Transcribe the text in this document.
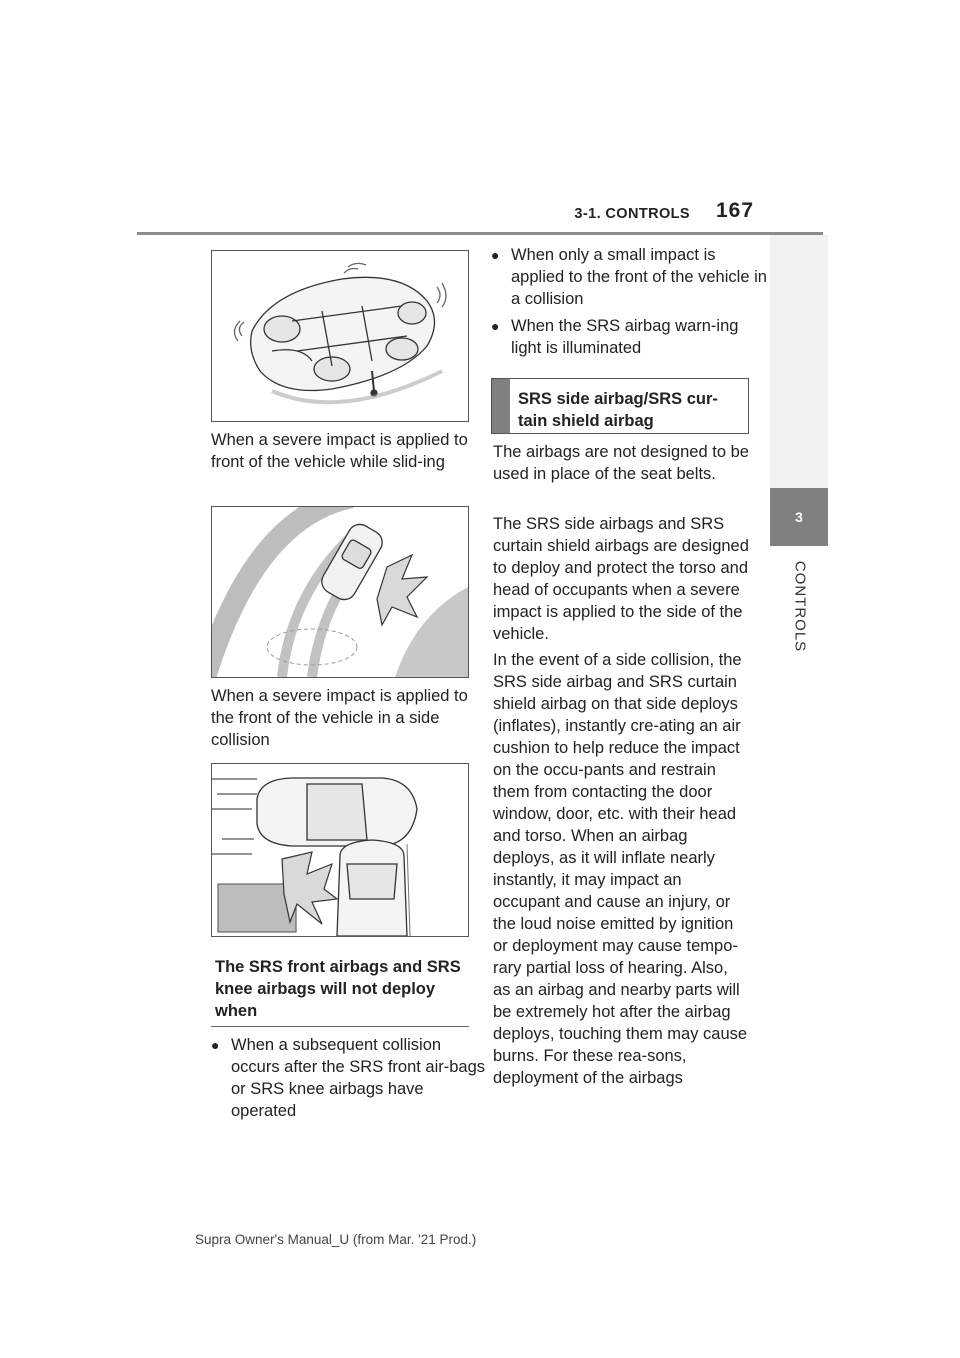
3-1. CONTROLS 167
3
CONTROLS
When a severe impact is applied to front of the vehicle while slid-ing
When a severe impact is applied to the front of the vehicle in a side collision
The SRS front airbags and SRS knee airbags will not deploy when
● When a subsequent collision occurs after the SRS front air-bags or SRS knee airbags have operated
● When only a small impact is applied to the front of the vehicle in a collision
● When the SRS airbag warn-ing light is illuminated
SRS side airbag/SRS cur-tain shield airbag
The airbags are not designed to be used in place of the seat belts.
The SRS side airbags and SRS curtain shield airbags are designed to deploy and protect the torso and head of occupants when a severe impact is applied to the side of the vehicle.
In the event of a side collision, the SRS side airbag and SRS curtain shield airbag on that side deploys (inflates), instantly cre-ating an air cushion to help reduce the impact on the occu-pants and restrain them from contacting the door window, door, etc. with their head and torso. When an airbag deploys, as it will inflate nearly instantly, it may impact an occupant and cause an injury, or the loud noise emitted by ignition or deployment may cause tempo-rary partial loss of hearing. Also, as an airbag and nearby parts will be extremely hot after the airbag deploys, touching them may cause burns. For these rea-sons, deployment of the airbags
Supra Owner's Manual_U (from Mar. '21 Prod.)
